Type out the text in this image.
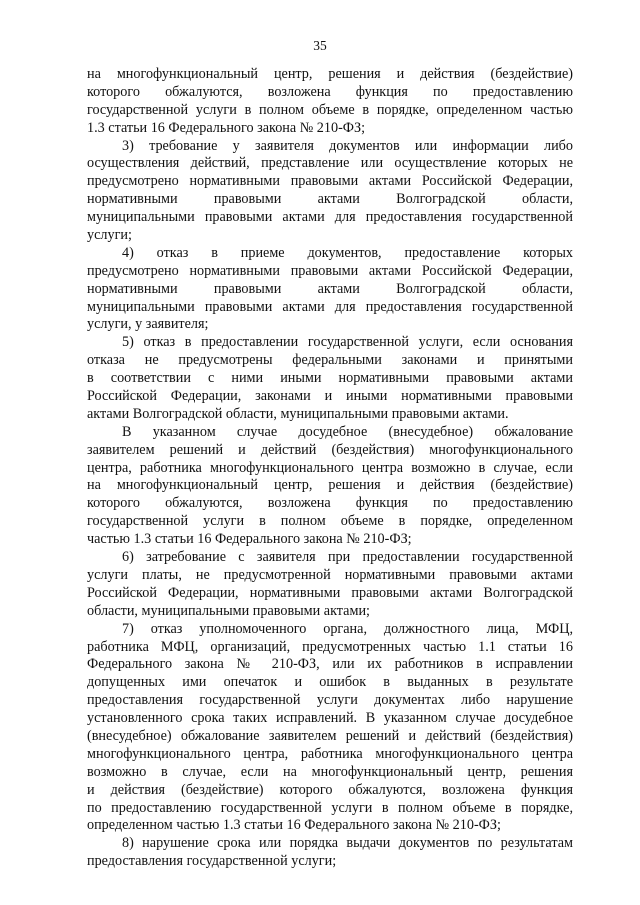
35
на многофункциональный центр, решения и действия (бездействие)
которого обжалуются, возложена функция по предоставлению
государственной услуги в полном объеме в порядке, определенном частью
1.3 статьи 16 Федерального закона № 210-ФЗ;
3) требование у заявителя документов или информации либо
осуществления действий, представление или осуществление которых не
предусмотрено нормативными правовыми актами Российской Федерации,
нормативными правовыми актами Волгоградской области,
муниципальными правовыми актами для предоставления государственной
услуги;
4) отказ в приеме документов, предоставление которых
предусмотрено нормативными правовыми актами Российской Федерации,
нормативными правовыми актами Волгоградской области,
муниципальными правовыми актами для предоставления государственной
услуги, у заявителя;
5) отказ в предоставлении государственной услуги, если основания
отказа не предусмотрены федеральными законами и принятыми
в соответствии с ними иными нормативными правовыми актами
Российской Федерации, законами и иными нормативными правовыми
актами Волгоградской области, муниципальными правовыми актами.
В указанном случае досудебное (внесудебное) обжалование
заявителем решений и действий (бездействия) многофункционального
центра, работника многофункционального центра возможно в случае, если
на многофункциональный центр, решения и действия (бездействие)
которого обжалуются, возложена функция по предоставлению
государственной услуги в полном объеме в порядке, определенном
частью 1.3 статьи 16 Федерального закона № 210-ФЗ;
6) затребование с заявителя при предоставлении государственной
услуги платы, не предусмотренной нормативными правовыми актами
Российской Федерации, нормативными правовыми актами Волгоградской
области, муниципальными правовыми актами;
7) отказ уполномоченного органа, должностного лица, МФЦ,
работника МФЦ, организаций, предусмотренных частью 1.1 статьи 16
Федерального закона № 210-ФЗ, или их работников в исправлении
допущенных ими опечаток и ошибок в выданных в результате
предоставления государственной услуги документах либо нарушение
установленного срока таких исправлений. В указанном случае досудебное
(внесудебное) обжалование заявителем решений и действий (бездействия)
многофункционального центра, работника многофункционального центра
возможно в случае, если на многофункциональный центр, решения
и действия (бездействие) которого обжалуются, возложена функция
по предоставлению государственной услуги в полном объеме в порядке,
определенном частью 1.3 статьи 16 Федерального закона № 210-ФЗ;
8) нарушение срока или порядка выдачи документов по результатам
предоставления государственной услуги;
